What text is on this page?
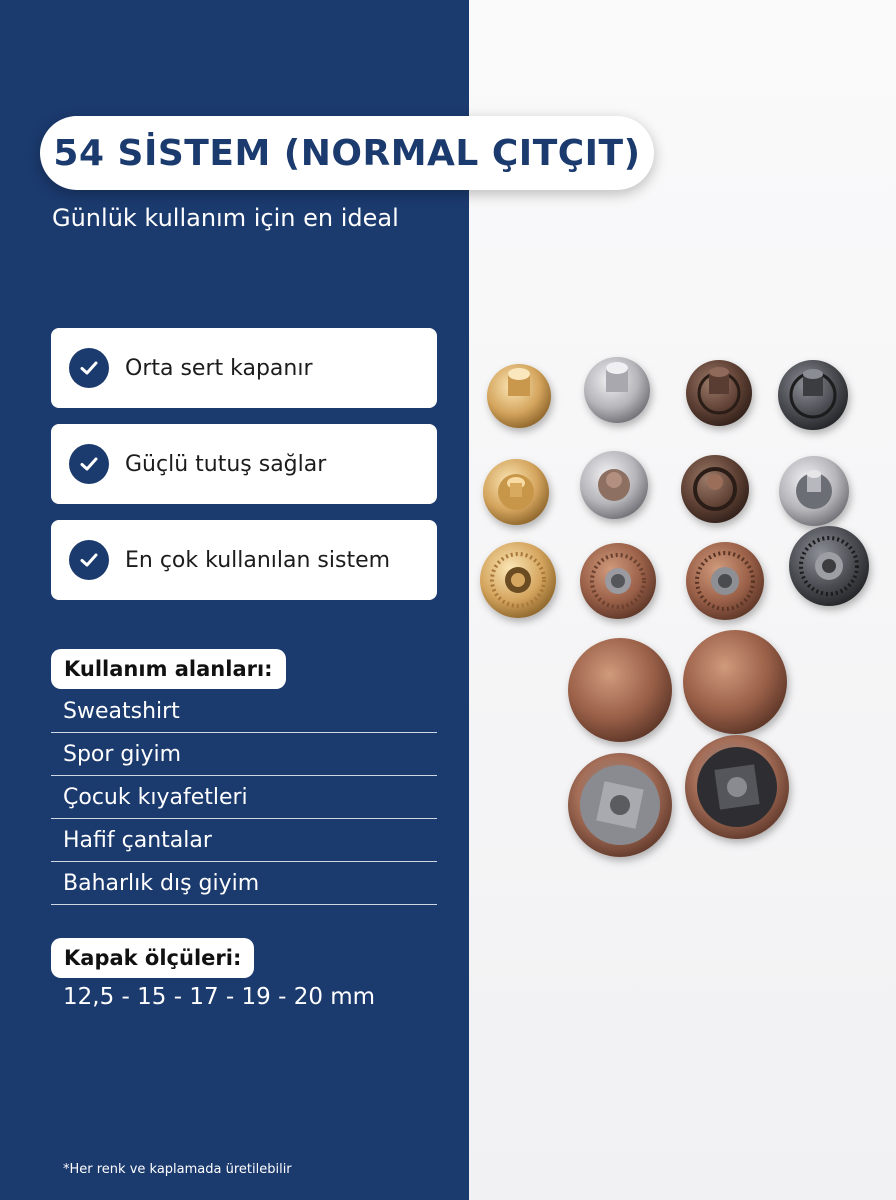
54 SİSTEM (NORMAL ÇITÇIT)
Günlük kullanım için en ideal
Orta sert kapanır
Güçlü tutuş sağlar
En çok kullanılan sistem
Kullanım alanları:
Sweatshirt
Spor giyim
Çocuk kıyafetleri
Hafif çantalar
Baharlık dış giyim
Kapak ölçüleri:
12,5 - 15 - 17 - 19 - 20 mm
*Her renk ve kaplamada üretilebilir
